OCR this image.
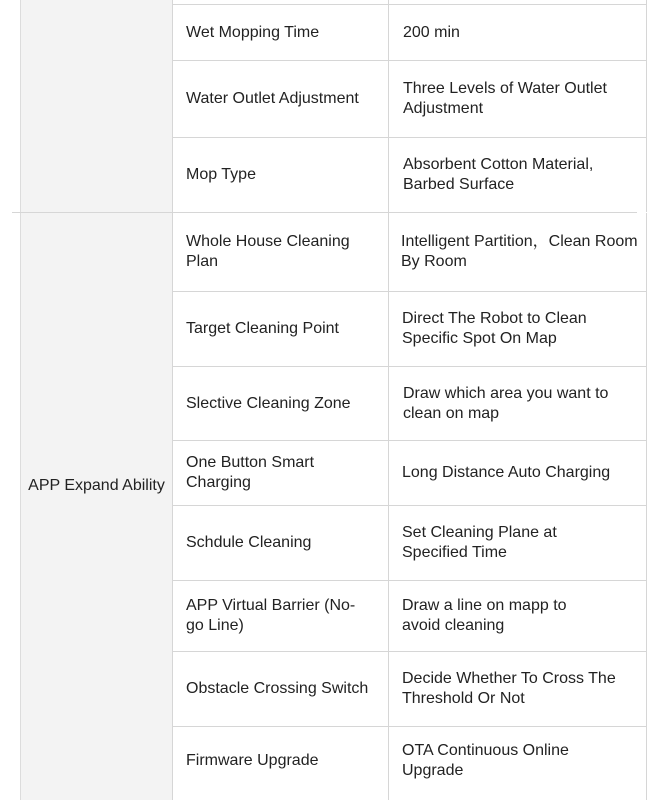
APP Expand Ability
Wet Mopping Time	200 min
Water Outlet Adjustment
Three Levels of Water Outlet Adjustment
Mop Type
Absorbent Cotton Material, Barbed Surface
Whole House Cleaning Plan
Intelligent Partition，Clean Room By Room
Target Cleaning Point
Direct The Robot to Clean Specific Spot On Map
Slective Cleaning Zone
Draw which area you want to clean on map
One Button Smart Charging
Long Distance Auto Charging
Schdule Cleaning
Set Cleaning Plane at Specified Time
APP Virtual Barrier (No-go Line)
Draw a line on mapp to avoid cleaning
Obstacle Crossing Switch
Decide Whether To Cross The Threshold Or Not
Firmware Upgrade
OTA Continuous Online Upgrade
